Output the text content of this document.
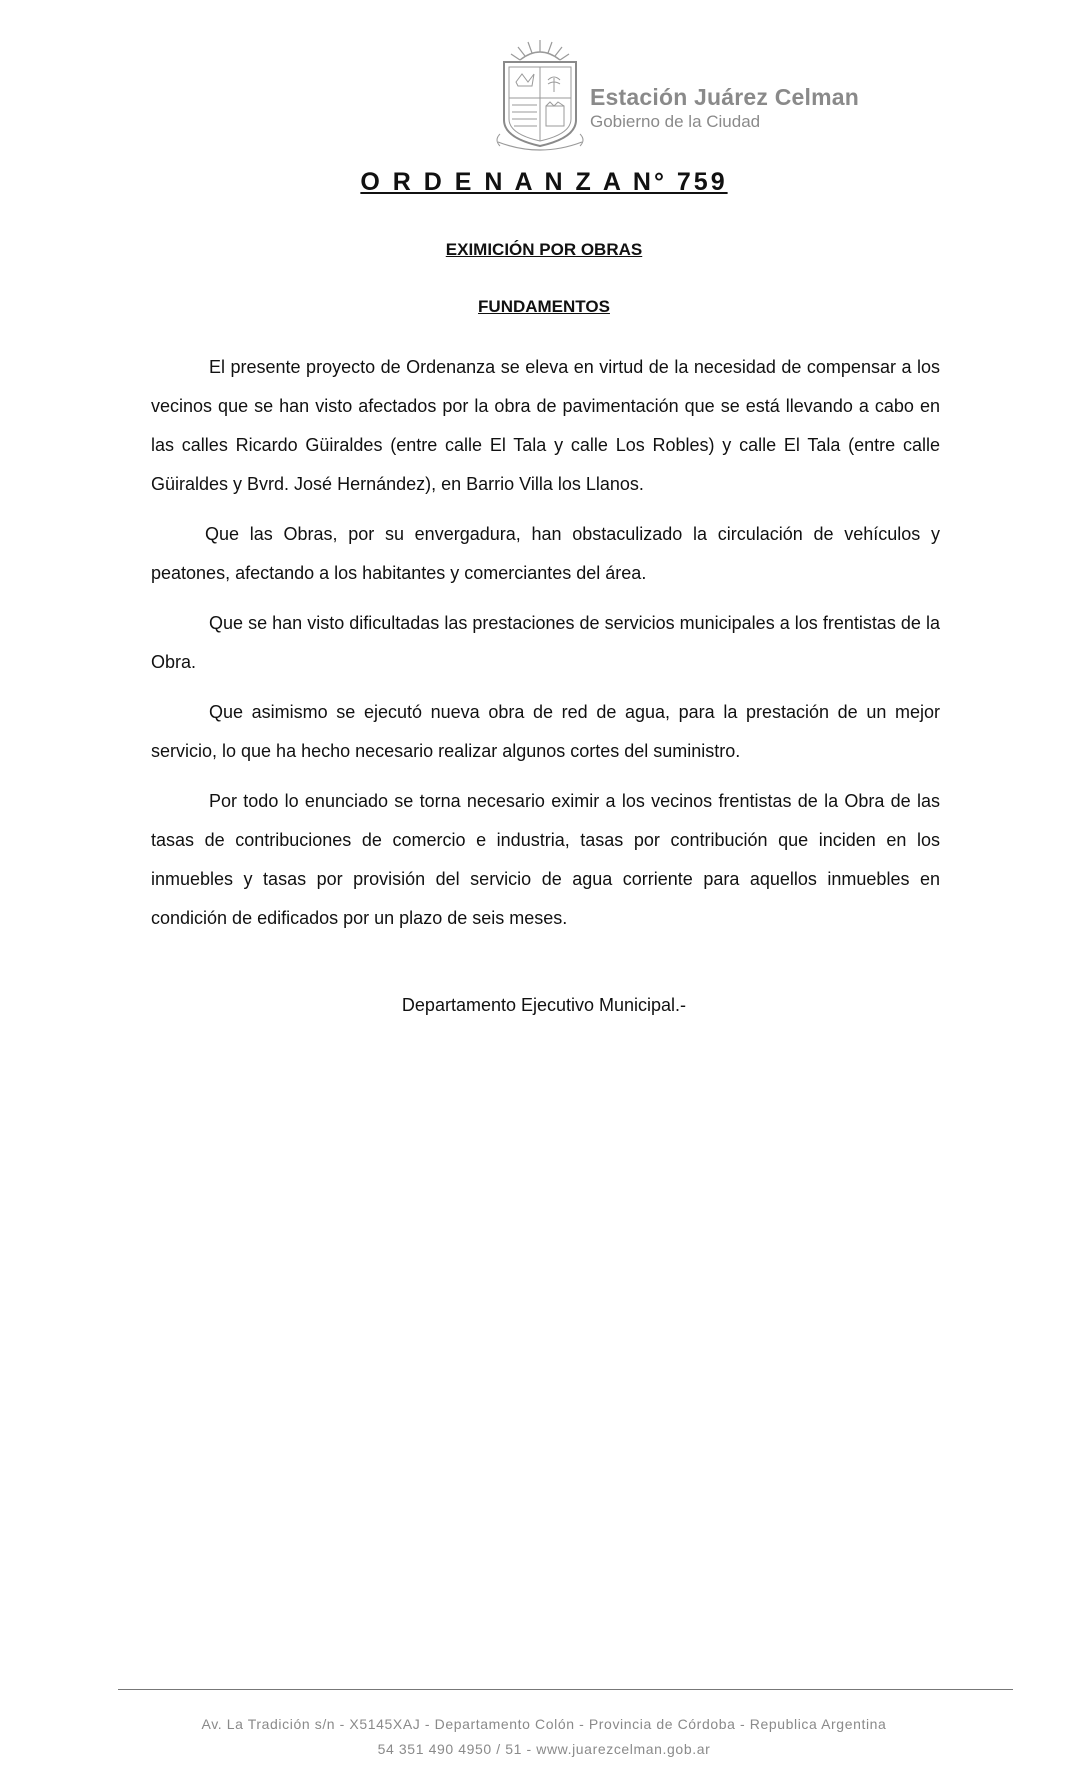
Estación Juárez Celman
Gobierno de la Ciudad
O R D E N A N Z A N° 759
EXIMICIÓN POR OBRAS
FUNDAMENTOS

El presente proyecto de Ordenanza se eleva en virtud de la necesidad de compensar a los vecinos que se han visto afectados por la obra de pavimentación que se está llevando a cabo en las calles Ricardo Güiraldes (entre calle El Tala y calle Los Robles) y calle El Tala (entre calle Güiraldes y Bvrd. José Hernández), en Barrio Villa los Llanos.

Que las Obras, por su envergadura, han obstaculizado la circulación de vehículos y peatones, afectando a los habitantes y comerciantes del área.

Que se han visto dificultadas las prestaciones de servicios municipales a los frentistas de la Obra.

Que asimismo se ejecutó nueva obra de red de agua, para la prestación de un mejor servicio, lo que ha hecho necesario realizar algunos cortes del suministro.

Por todo lo enunciado se torna necesario eximir a los vecinos frentistas de la Obra de las tasas de contribuciones de comercio e industria, tasas por contribución que inciden en los inmuebles y tasas por provisión del servicio de agua corriente para aquellos inmuebles en condición de edificados por un plazo de seis meses.

Departamento Ejecutivo Municipal.-
Av. La Tradición s/n - X5145XAJ - Departamento Colón - Provincia de Córdoba - Republica Argentina
54 351 490 4950 / 51 - www.juarezcelman.gob.ar
